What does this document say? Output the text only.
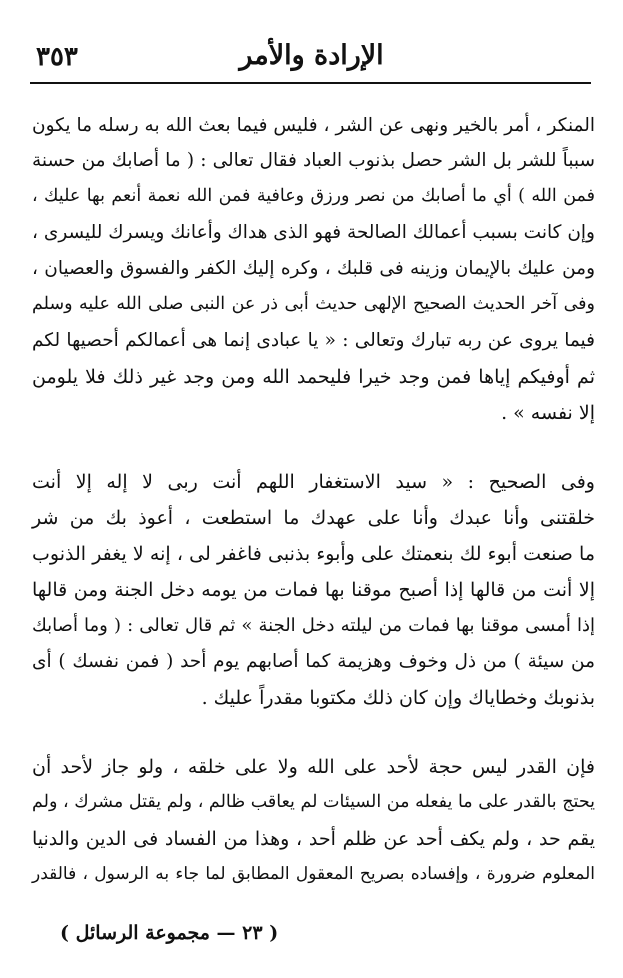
٣٥٣	الإرادة والأمر
المنكر ، أمر بالخير ونهى عن الشر ، فليس فيما بعث الله به رسله ما يكون
سبباً للشر بل الشر حصل بذنوب العباد فقال تعالى : ( ما أصابك من حسنة
فمن الله ) أي ما أصابك من نصر ورزق وعافية فمن الله نعمة أنعم بها عليك ،
وإن كانت بسبب أعمالك الصالحة فهو الذى هداك وأعانك ويسرك لليسرى ،
ومن عليك بالإيمان وزينه فى قلبك ، وكره إليك الكفر والفسوق والعصيان ،
وفى آخر الحديث الصحيح الإلهى حديث أبى ذر عن النبى صلى الله عليه وسلم
فيما يروى عن ربه تبارك وتعالى : « يا عبادى إنما هى أعمالكم أحصيها لكم
ثم أوفيكم إياها فمن وجد خيرا فليحمد الله ومن وجد غير ذلك فلا يلومن
إلا نفسه » .
وفى الصحيح : « سيد الاستغفار اللهم أنت ربى لا إله إلا أنت
خلقتنى وأنا عبدك وأنا على عهدك ما استطعت ، أعوذ بك من شر
ما صنعت أبوء لك بنعمتك على وأبوء بذنبى فاغفر لى ، إنه لا يغفر الذنوب
إلا أنت من قالها إذا أصبح موقنا بها فمات من يومه دخل الجنة ومن قالها
إذا أمسى موقنا بها فمات من ليلته دخل الجنة » ثم قال تعالى : ( وما أصابك
من سيئة ) من ذل وخوف وهزيمة كما أصابهم يوم أحد ( فمن نفسك ) أى
بذنوبك وخطاياك وإن كان ذلك مكتوبا مقدراً عليك .
فإن القدر ليس حجة لأحد على الله ولا على خلقه ، ولو جاز لأحد أن
يحتج بالقدر على ما يفعله من السيئات لم يعاقب ظالم ، ولم يقتل مشرك ، ولم
يقم حد ، ولم يكف أحد عن ظلم أحد ، وهذا من الفساد فى الدين والدنيا
المعلوم ضرورة ، وإفساده بصريح المعقول المطابق لما جاء به الرسول ، فالقدر
( ٢٣ — مجموعة الرسائل )
